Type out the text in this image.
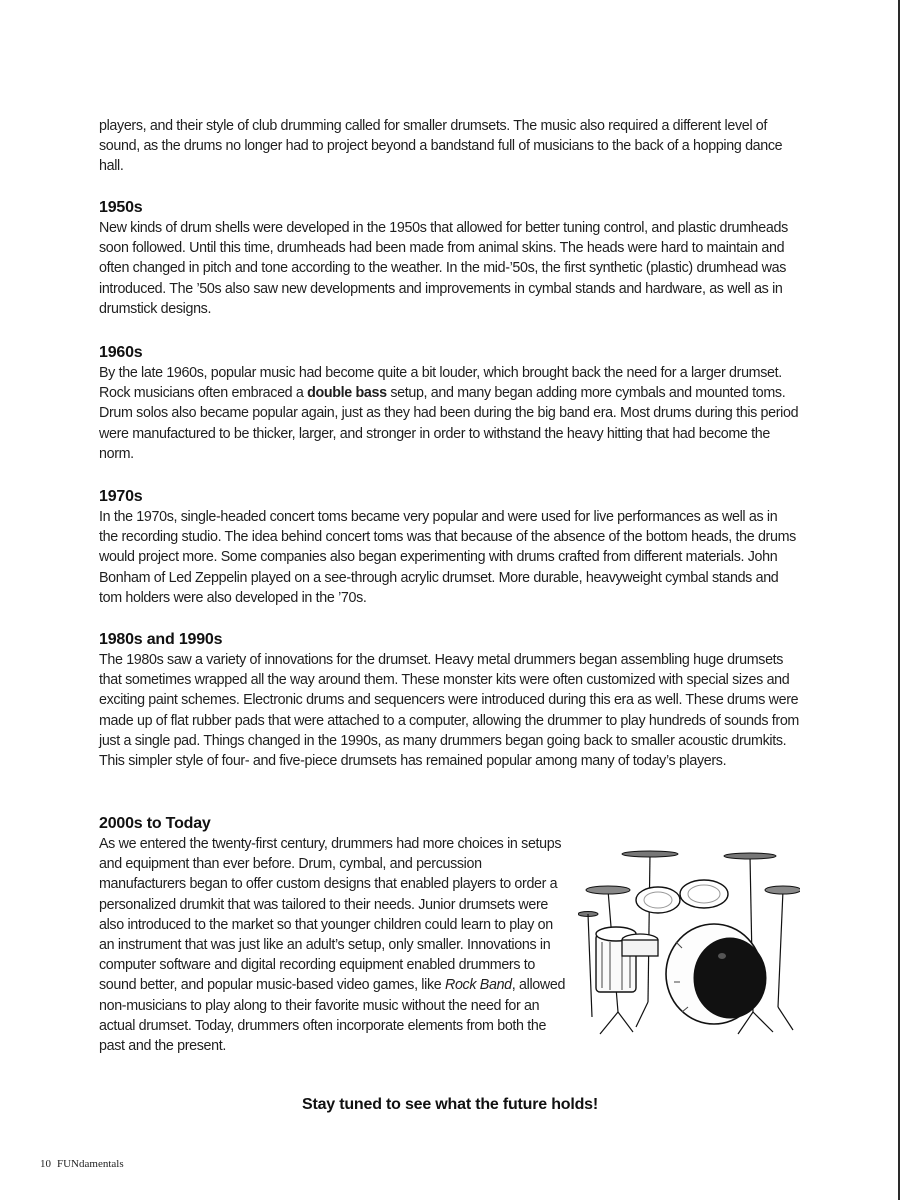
players, and their style of club drumming called for smaller drumsets. The music also required a different level of sound, as the drums no longer had to project beyond a bandstand full of musicians to the back of a hopping dance hall.

1950s

New kinds of drum shells were developed in the 1950s that allowed for better tuning control, and plastic drumheads soon followed. Until this time, drumheads had been made from animal skins. The heads were hard to maintain and often changed in pitch and tone according to the weather. In the mid-’50s, the first synthetic (plastic) drumhead was introduced. The ’50s also saw new developments and improvements in cymbal stands and hardware, as well as in drumstick designs.

1960s

By the late 1960s, popular music had become quite a bit louder, which brought back the need for a larger drumset. Rock musicians often embraced a double bass setup, and many began adding more cymbals and mounted toms. Drum solos also became popular again, just as they had been during the big band era. Most drums during this period were manufactured to be thicker, larger, and stronger in order to withstand the heavy hitting that had become the norm.

1970s

In the 1970s, single-headed concert toms became very popular and were used for live performances as well as in the recording studio. The idea behind concert toms was that because of the absence of the bottom heads, the drums would project more. Some companies also began experimenting with drums crafted from different materials. John Bonham of Led Zeppelin played on a see-through acrylic drumset. More durable, heavyweight cymbal stands and tom holders were also developed in the ’70s.

1980s and 1990s

The 1980s saw a variety of innovations for the drumset. Heavy metal drummers began assembling huge drumsets that sometimes wrapped all the way around them. These monster kits were often customized with special sizes and exciting paint schemes. Electronic drums and sequencers were introduced during this era as well. These drums were made up of flat rubber pads that were attached to a computer, allowing the drummer to play hundreds of sounds from just a single pad. Things changed in the 1990s, as many drummers began going back to smaller acoustic drumkits. This simpler style of four- and five-piece drumsets has remained popular among many of today’s players.

2000s to Today

As we entered the twenty-first century, drummers had more choices in setups and equipment than ever before. Drum, cymbal, and percussion manufacturers began to offer custom designs that enabled players to order a personalized drumkit that was tailored to their needs. Junior drumsets were also introduced to the market so that younger children could learn to play on an instrument that was just like an adult’s setup, only smaller. Innovations in computer software and digital recording equipment enabled drummers to sound better, and popular music-based video games, like Rock Band, allowed non-musicians to play along to their favorite music without the need for an actual drumset. Today, drummers often incorporate elements from both the past and the present.

Stay tuned to see what the future holds!
10 FUNdamentals
